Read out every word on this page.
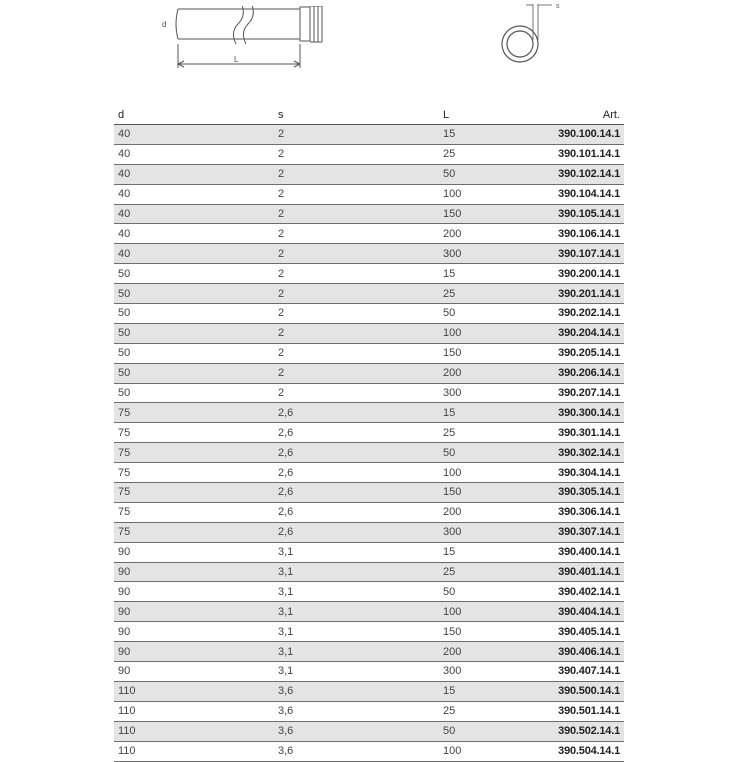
d
L
s
d	s	L	Art.
40	2	15	390.100.14.1
40	2	25	390.101.14.1
40	2	50	390.102.14.1
40	2	100	390.104.14.1
40	2	150	390.105.14.1
40	2	200	390.106.14.1
40	2	300	390.107.14.1
50	2	15	390.200.14.1
50	2	25	390.201.14.1
50	2	50	390.202.14.1
50	2	100	390.204.14.1
50	2	150	390.205.14.1
50	2	200	390.206.14.1
50	2	300	390.207.14.1
75	2,6	15	390.300.14.1
75	2,6	25	390.301.14.1
75	2,6	50	390.302.14.1
75	2,6	100	390.304.14.1
75	2,6	150	390.305.14.1
75	2,6	200	390.306.14.1
75	2,6	300	390.307.14.1
90	3,1	15	390.400.14.1
90	3,1	25	390.401.14.1
90	3,1	50	390.402.14.1
90	3,1	100	390.404.14.1
90	3,1	150	390.405.14.1
90	3,1	200	390.406.14.1
90	3,1	300	390.407.14.1
110	3,6	15	390.500.14.1
110	3,6	25	390.501.14.1
110	3,6	50	390.502.14.1
110	3,6	100	390.504.14.1
